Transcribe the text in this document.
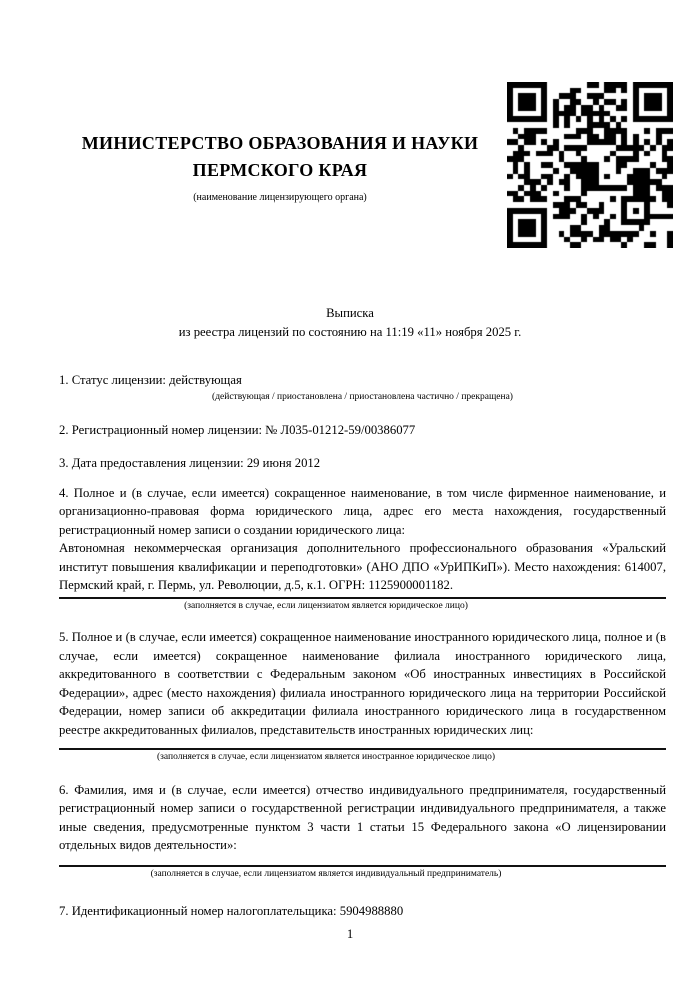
МИНИСТЕРСТВО ОБРАЗОВАНИЯ И НАУКИ
ПЕРМСКОГО КРАЯ
(наименование лицензирующего органа)
Выписка
из реестра лицензий по состоянию на 11:19 «11» ноября 2025 г.
1. Статус лицензии: действующая
(действующая / приостановлена / приостановлена частично / прекращена)
2. Регистрационный номер лицензии: № Л035-01212-59/00386077
3. Дата предоставления лицензии: 29 июня 2012

4. Полное и (в случае, если имеется) сокращенное наименование, в том числе фирменное наименование, и организационно-правовая форма юридического лица, адрес его места нахождения, государственный регистрационный номер записи о создании юридического лица:

Автономная некоммерческая организация дополнительного профессионального образования «Уральский институт повышения квалификации и переподготовки» (АНО ДПО «УрИПКиП»). Место нахождения: 614007, Пермский край, г. Пермь, ул. Революции, д.5, к.1. ОГРН: 1125900001182.

(заполняется в случае, если лицензиатом является юридическое лицо)

5. Полное и (в случае, если имеется) сокращенное наименование иностранного юридического лица, полное и (в случае, если имеется) сокращенное наименование филиала иностранного юридического лица, аккредитованного в соответствии с Федеральным законом «Об иностранных инвестициях в Российской Федерации», адрес (место нахождения) филиала иностранного юридического лица на территории Российской Федерации, номер записи об аккредитации филиала иностранного юридического лица в государственном реестре аккредитованных филиалов, представительств иностранных юридических лиц:

(заполняется в случае, если лицензиатом является иностранное юридическое лицо)

6. Фамилия, имя и (в случае, если имеется) отчество индивидуального предпринимателя, государственный регистрационный номер записи о государственной регистрации индивидуального предпринимателя, а также иные сведения, предусмотренные пунктом 3 части 1 статьи 15 Федерального закона «О лицензировании отдельных видов деятельности»:

(заполняется в случае, если лицензиатом является индивидуальный предприниматель)
7. Идентификационный номер налогоплательщика: 5904988880
1
